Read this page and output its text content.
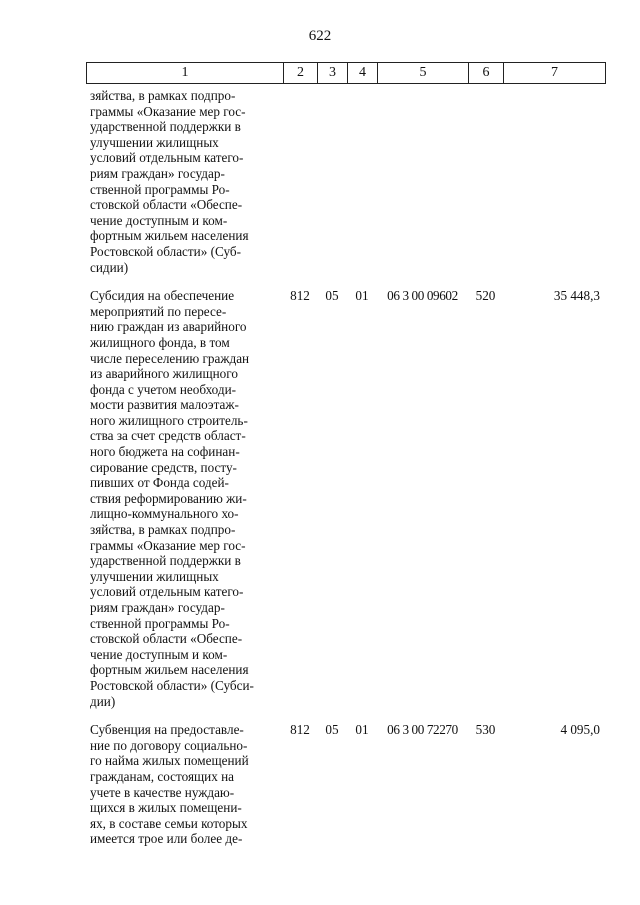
622
1	2	3	4	5	6	7
зяйства, в рамках подпро-
граммы «Оказание мер гос-
ударственной поддержки в
улучшении жилищных
условий отдельным катего-
риям граждан» государ-
ственной программы Ро-
стовской области «Обеспе-
чение доступным и ком-
фортным жильем населения
Ростовской области» (Суб-
сидии)
Субсидия на обеспечение
мероприятий по пересе-
нию граждан из аварийного
жилищного фонда, в том
числе переселению граждан
из аварийного жилищного
фонда с учетом необходи-
мости развития малоэтаж-
ного жилищного строитель-
ства за счет средств област-
ного бюджета на софинан-
сирование средств, посту-
пивших от Фонда содей-
ствия реформированию жи-
лищно-коммунального хо-
зяйства, в рамках подпро-
граммы «Оказание мер гос-
ударственной поддержки в
улучшении жилищных
условий отдельным катего-
риям граждан» государ-
ственной программы Ро-
стовской области «Обеспе-
чение доступным и ком-
фортным жильем населения
Ростовской области» (Субси-
дии)
812	05	01	06 3 00 09602	520	35 448,3
Субвенция на предоставле-
ние по договору социально-
го найма жилых помещений
гражданам, состоящих на
учете в качестве нуждаю-
щихся в жилых помещени-
ях, в составе семьи которых
имеется трое или более де-
812	05	01	06 3 00 72270	530	4 095,0
